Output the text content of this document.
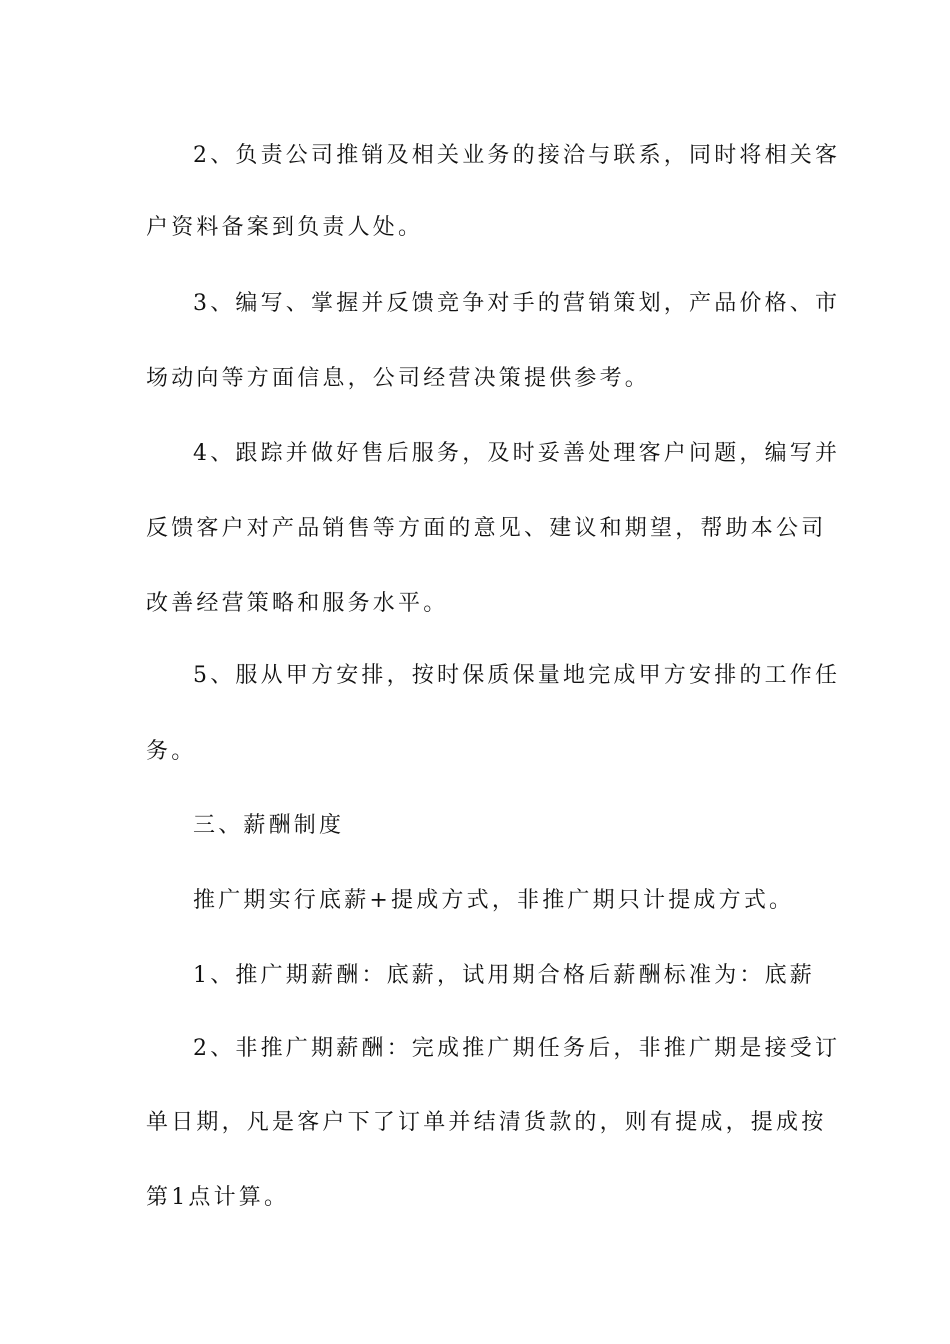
2、负责公司推销及相关业务的接洽与联系，同时将相关客
户资料备案到负责人处。
3、编写、掌握并反馈竞争对手的营销策划，产品价格、市
场动向等方面信息，公司经营决策提供参考。
4、跟踪并做好售后服务，及时妥善处理客户问题，编写并
反馈客户对产品销售等方面的意见、建议和期望，帮助本公司
改善经营策略和服务水平。
5、服从甲方安排，按时保质保量地完成甲方安排的工作任
务。
三、薪酬制度
推广期实行底薪+提成方式，非推广期只计提成方式。
1、推广期薪酬：底薪，试用期合格后薪酬标准为：底薪
2、非推广期薪酬：完成推广期任务后，非推广期是接受订
单日期，凡是客户下了订单并结清货款的，则有提成，提成按
第1点计算。
